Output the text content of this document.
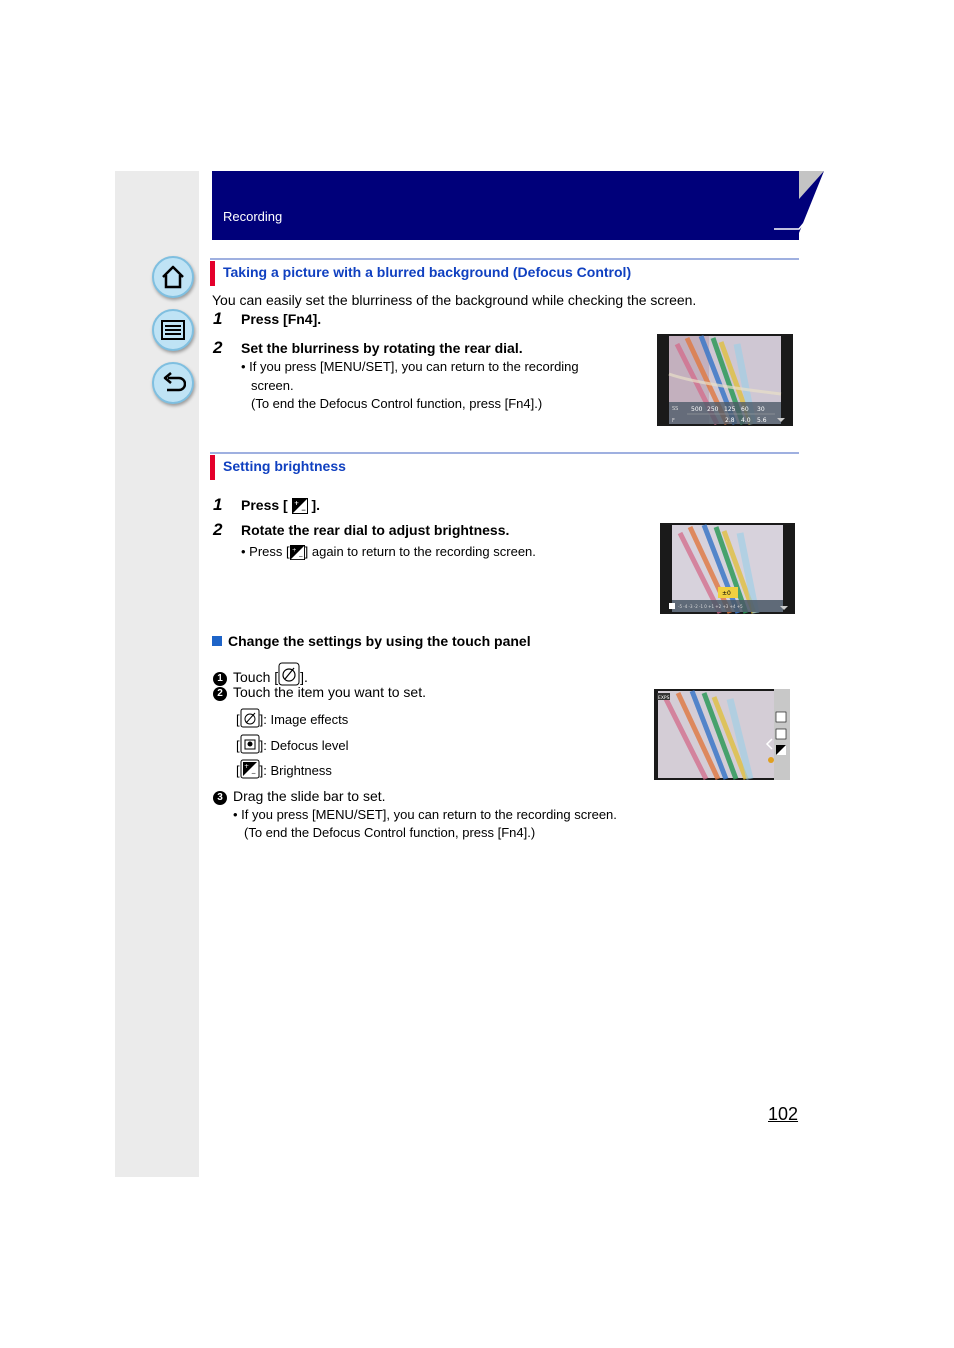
Recording
Taking a picture with a blurred background (Defocus Control)
You can easily set the blurriness of the background while checking the screen.
1 Press [Fn4].
2 Set the blurriness by rotating the rear dial.
• If you press [MENU/SET], you can return to the recording
screen.
(To end the Defocus Control function, press [Fn4].)	SS
F
500 250 125 60 30
2.8 4.0 5.6
Setting brightness
1 Press [ +
− ].
2 Rotate the rear dial to adjust brightness.
• Press [ +
− ] again to return to the recording screen.
±0
-5 -4 -3 -2 -1 0 +1 +2 +3 +4 +5
Change the settings by using the touch panel
1 Touch [ ].
2 Touch the item you want to set.
[ ]: Image effects
[ ]: Defocus level
[ +
− ]: Brightness
3 Drag the slide bar to set.
• If you press [MENU/SET], you can return to the recording screen.
(To end the Defocus Control function, press [Fn4].)
EXPS
102
